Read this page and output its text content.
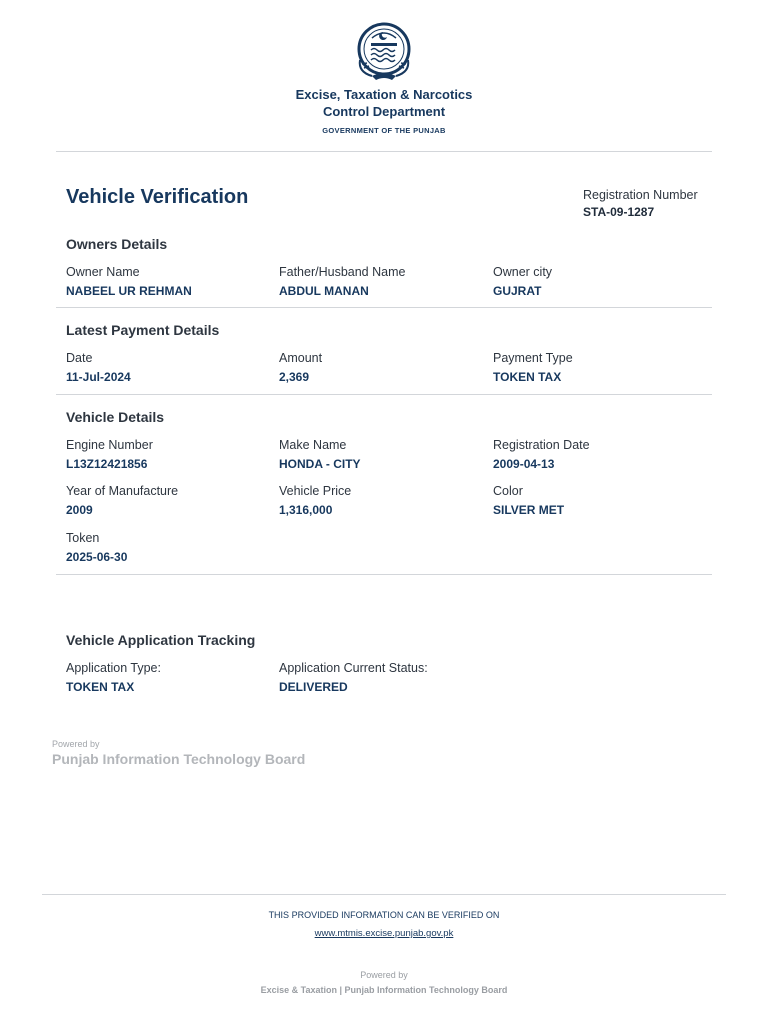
Excise, Taxation & Narcotics
Control Department
GOVERNMENT OF THE PUNJAB
Vehicle Verification	Registration Number
STA-09-1287
Owners Details
Owner Name
NABEEL UR REHMAN
Father/Husband Name
ABDUL MANAN
Owner city
GUJRAT
Latest Payment Details
Date
11-Jul-2024
Amount
2,369
Payment Type
TOKEN TAX
Vehicle Details
Engine Number
L13Z12421856
Make Name
HONDA - CITY
Registration Date
2009-04-13
Year of Manufacture
2009
Vehicle Price
1,316,000
Color
SILVER MET
Token
2025-06-30
Vehicle Application Tracking
Application Type:
TOKEN TAX
Application Current Status:
DELIVERED
Powered by
Punjab Information Technology Board
THIS PROVIDED INFORMATION CAN BE VERIFIED ON
www.mtmis.excise.punjab.gov.pk
Powered by
Excise & Taxation | Punjab Information Technology Board
